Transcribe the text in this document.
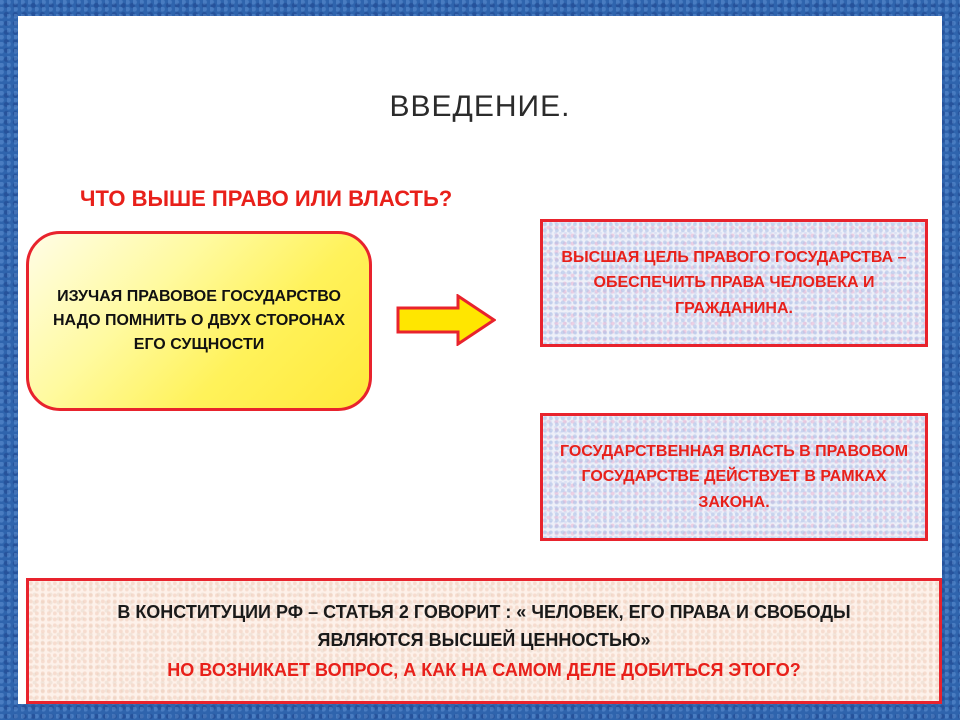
ВВЕДЕНИЕ.
ЧТО ВЫШЕ ПРАВО ИЛИ ВЛАСТЬ?
ИЗУЧАЯ ПРАВОВОЕ ГОСУДАРСТВО НАДО ПОМНИТЬ О ДВУХ СТОРОНАХ ЕГО СУЩНОСТИ
ВЫСШАЯ ЦЕЛЬ ПРАВОГО ГОСУДАРСТВА – ОБЕСПЕЧИТЬ ПРАВА ЧЕЛОВЕКА И ГРАЖДАНИНА.
ГОСУДАРСТВЕННАЯ ВЛАСТЬ В ПРАВОВОМ ГОСУДАРСТВЕ ДЕЙСТВУЕТ В РАМКАХ ЗАКОНА.
В КОНСТИТУЦИИ РФ – СТАТЬЯ 2 ГОВОРИТ : « ЧЕЛОВЕК, ЕГО ПРАВА И СВОБОДЫ ЯВЛЯЮТСЯ ВЫСШЕЙ ЦЕННОСТЬЮ»
НО ВОЗНИКАЕТ ВОПРОС, А КАК НА САМОМ ДЕЛЕ ДОБИТЬСЯ ЭТОГО?
